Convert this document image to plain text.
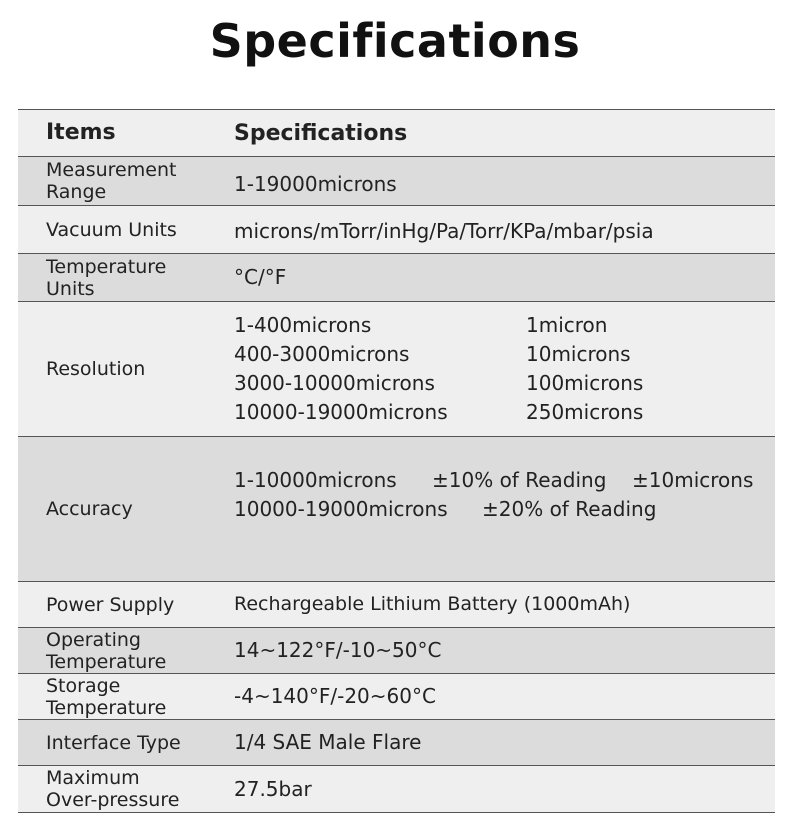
Specifications
Items	Specifications
Measurement
Range	1-19000microns
Vacuum Units	microns/mTorr/inHg/Pa/Torr/KPa/mbar/psia
Temperature
Units	°C/°F
Resolution
1-400microns	1micron
400-3000microns	10microns
3000-10000microns	100microns
10000-19000microns	250microns
Accuracy
1-10000microns	±10% of Reading	±10microns
10000-19000microns	±20% of Reading
Power Supply	Rechargeable Lithium Battery (1000mAh)
Operating
Temperature	14~122°F/-10~50°C
Storage
Temperature	-4~140°F/-20~60°C
Interface Type	1/4 SAE Male Flare
Maximum
Over-pressure	27.5bar
